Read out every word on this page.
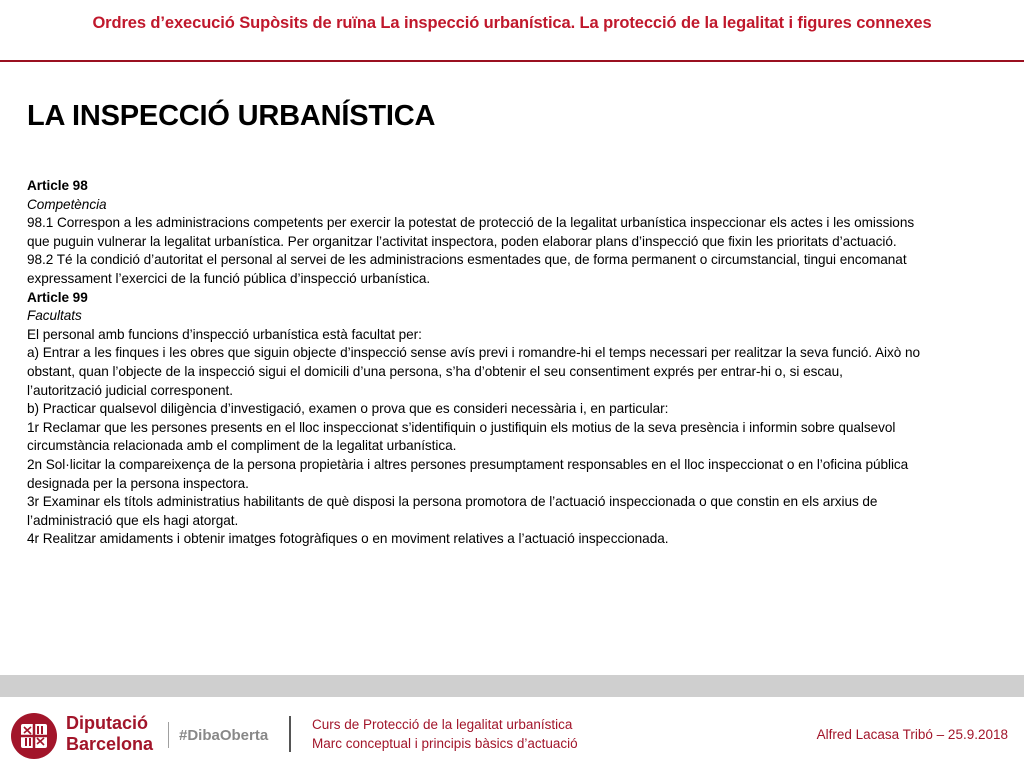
Ordres d’execució Supòsits de ruïna La inspecció urbanística. La protecció de la legalitat i figures connexes
LA INSPECCIÓ URBANÍSTICA
Article 98
Competència
98.1 Correspon a les administracions competents per exercir la potestat de protecció de la legalitat urbanística inspeccionar els actes i les omissions
que puguin vulnerar la legalitat urbanística. Per organitzar l’activitat inspectora, poden elaborar plans d’inspecció que fixin les prioritats d’actuació.
98.2 Té la condició d’autoritat el personal al servei de les administracions esmentades que, de forma permanent o circumstancial, tingui encomanat
expressament l’exercici de la funció pública d’inspecció urbanística.
Article 99
Facultats
El personal amb funcions d’inspecció urbanística està facultat per:
a) Entrar a les finques i les obres que siguin objecte d’inspecció sense avís previ i romandre-hi el temps necessari per realitzar la seva funció. Això no
obstant, quan l’objecte de la inspecció sigui el domicili d’una persona, s’ha d’obtenir el seu consentiment exprés per entrar-hi o, si escau,
l’autorització judicial corresponent.
b) Practicar qualsevol diligència d’investigació, examen o prova que es consideri necessària i, en particular:
1r Reclamar que les persones presents en el lloc inspeccionat s’identifiquin o justifiquin els motius de la seva presència i informin sobre qualsevol
circumstància relacionada amb el compliment de la legalitat urbanística.
2n Sol·licitar la compareixença de la persona propietària i altres persones presumptament responsables en el lloc inspeccionat o en l’oficina pública
designada per la persona inspectora.
3r Examinar els títols administratius habilitants de què disposi la persona promotora de l’actuació inspeccionada o que constin en els arxius de
l’administració que els hagi atorgat.
4r Realitzar amidaments i obtenir imatges fotogràfiques o en moviment relatives a l’actuació inspeccionada.
Diputació
Barcelona #DibaOberta
Curs de Protecció de la legalitat urbanística
Marc conceptual i principis bàsics d’actuació
Alfred Lacasa Tribó – 25.9.2018
